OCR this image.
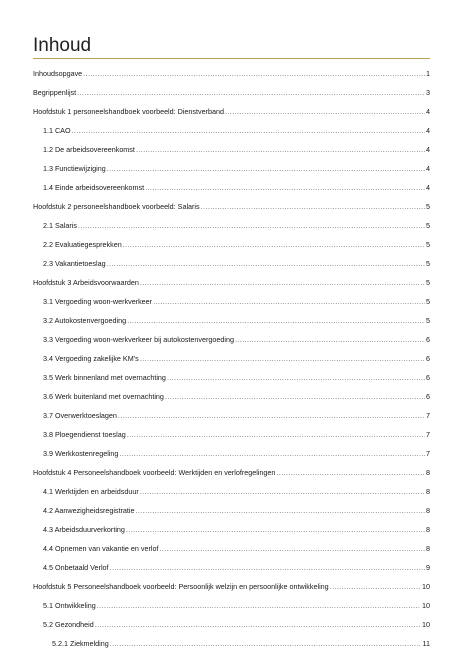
Inhoud
Inhoudsopgave .....	1
Begrippenlijst .....	3
Hoofdstuk 1 personeelshandboek voorbeeld: Dienstverband .....	4
1.1 CAO .....	4
1.2 De arbeidsovereenkomst .....	4
1.3 Functiewijziging .....	4
1.4 Einde arbeidsovereenkomst .....	4
Hoofdstuk 2 personeelshandboek voorbeeld: Salaris .....	5
2.1 Salaris .....	5
2.2 Evaluatiegesprekken .....	5
2.3 Vakantietoeslag .....	5
Hoofdstuk 3 Arbeidsvoorwaarden .....	5
3.1 Vergoeding woon-werkverkeer .....	5
3.2 Autokostenvergoeding .....	5
3.3 Vergoeding woon-werkverkeer bij autokostenvergoeding .....	6
3.4 Vergoeding zakelijke KM’s .....	6
3.5 Werk binnenland met overnachting .....	6
3.6 Werk buitenland met overnachting .....	6
3.7 Overwerktoeslagen .....	7
3.8 Ploegendienst toeslag .....	7
3.9 Werkkostenregeling .....	7
Hoofdstuk 4 Personeelshandboek voorbeeld: Werktijden en verlofregelingen .....	8
4.1 Werktijden en arbeidsduur .....	8
4.2 Aanwezigheidsregistratie .....	8
4.3 Arbeidsduurverkorting .....	8
4.4 Opnemen van vakantie en verlof .....	8
4.5 Onbetaald Verlof .....	9
Hoofdstuk 5 Personeelshandboek voorbeeld: Persoonlijk welzijn en persoonlijke ontwikkeling .....	10
5.1 Ontwikkeling .....	10
5.2 Gezondheid .....	10
5.2.1 Ziekmelding .....	11
